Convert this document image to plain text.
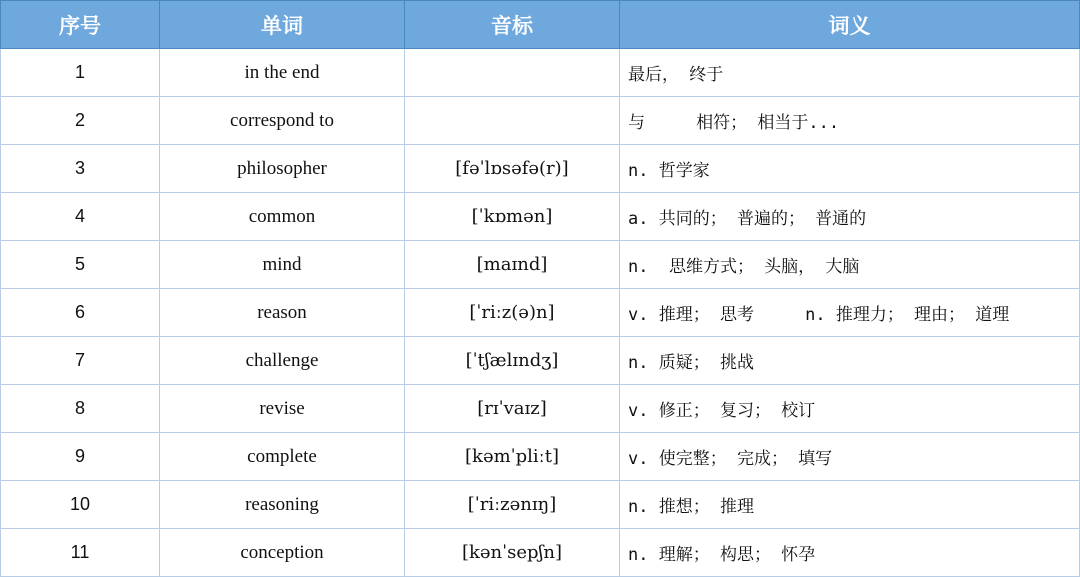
序号	单词	音标	词义
1	in the end		最后， 终于
2	correspond to		与     相符； 相当于...
3	philosopher	[fəˈlɒsəfə(r)]	n. 哲学家
4	common	[ˈkɒmən]	a. 共同的； 普遍的； 普通的
5	mind	[maɪnd]	n.  思维方式； 头脑， 大脑
6	reason	[ˈriːz(ə)n]	v. 推理； 思考     n. 推理力； 理由； 道理
7	challenge	[ˈtʃælɪndʒ]	n. 质疑； 挑战
8	revise	[rɪˈvaɪz]	v. 修正； 复习； 校订
9	complete	[kəmˈpliːt]	v. 使完整； 完成； 填写
10	reasoning	[ˈriːzənɪŋ]	n. 推想； 推理
11	conception	[kənˈsepʃn]	n. 理解； 构思； 怀孕
